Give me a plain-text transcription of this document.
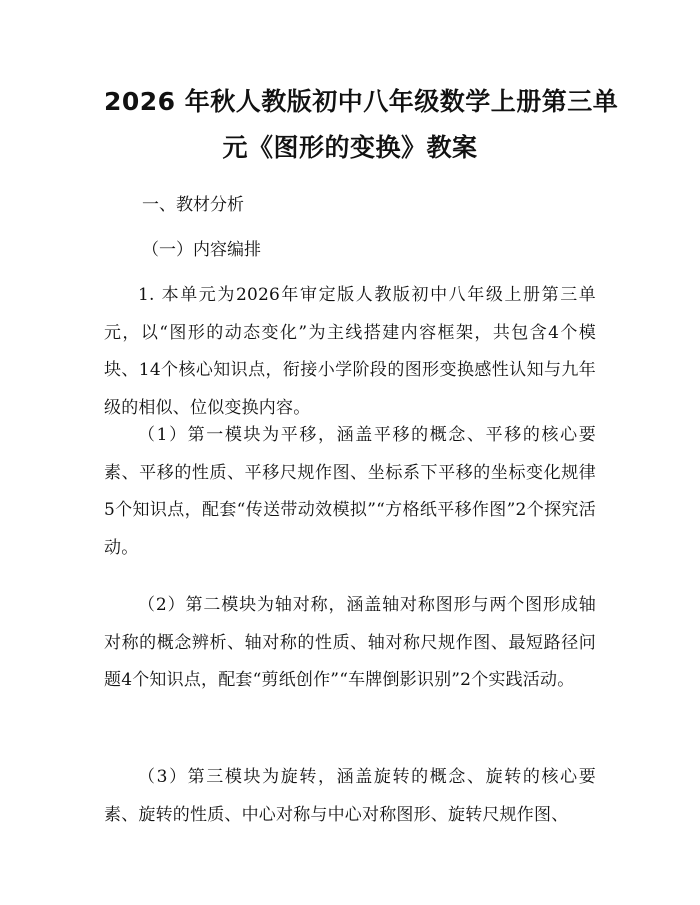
2026 年秋人教版初中八年级数学上册第三单
元《图形的变换》教案
一、教材分析
（一）内容编排
1. 本单元为2026年审定版人教版初中八年级上册第三单元，以“图形的动态变化”为主线搭建内容框架，共包含4个模块、14个核心知识点，衔接小学阶段的图形变换感性认知与九年级的相似、位似变换内容。
（1）第一模块为平移，涵盖平移的概念、平移的核心要素、平移的性质、平移尺规作图、坐标系下平移的坐标变化规律5个知识点，配套“传送带动效模拟”“方格纸平移作图”2个探究活动。
（2）第二模块为轴对称，涵盖轴对称图形与两个图形成轴对称的概念辨析、轴对称的性质、轴对称尺规作图、最短路径问题4个知识点，配套“剪纸创作”“车牌倒影识别”2个实践活动。
（3）第三模块为旋转，涵盖旋转的概念、旋转的核心要素、旋转的性质、中心对称与中心对称图形、旋转尺规作图、
